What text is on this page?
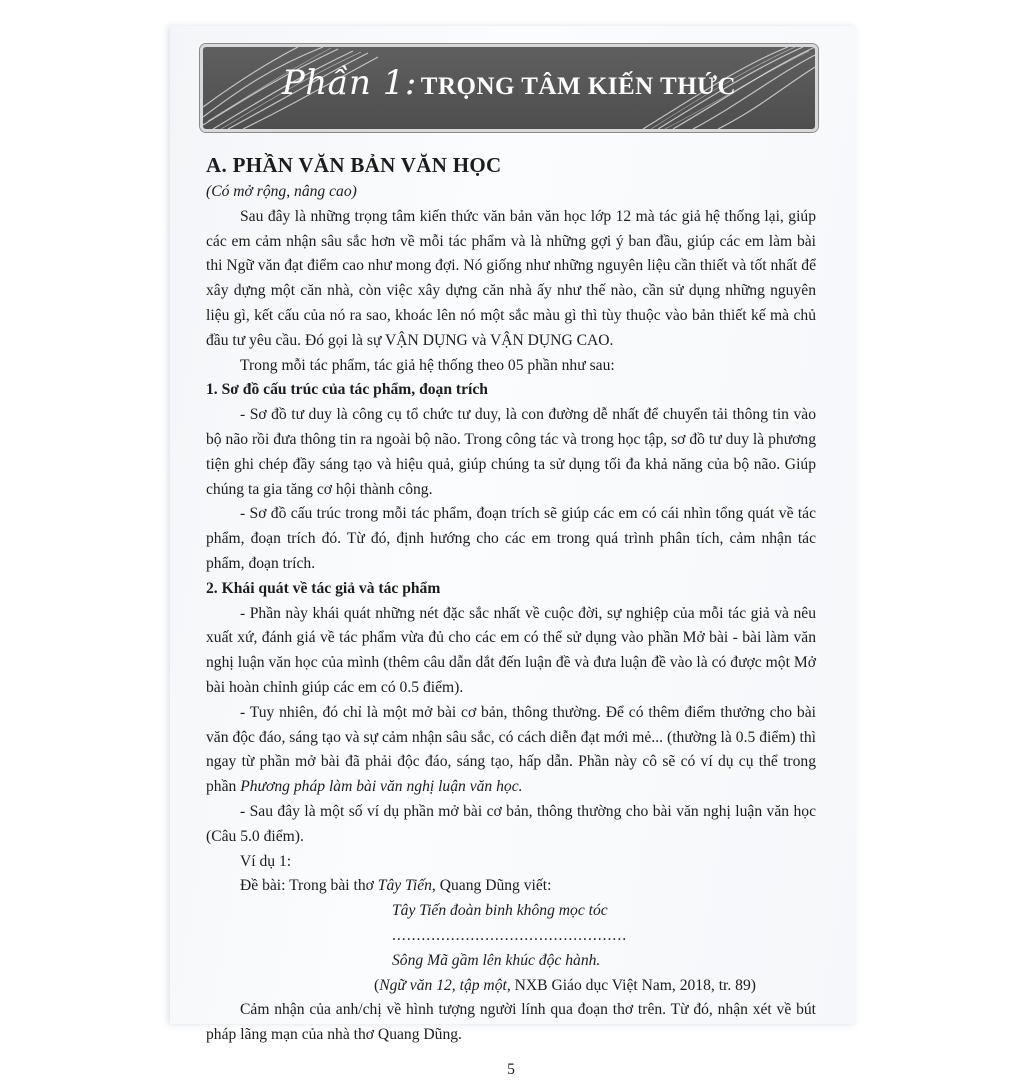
Phần 1: TRỌNG TÂM KIẾN THỨC

A. PHẦN VĂN BẢN VĂN HỌC

(Có mở rộng, nâng cao)

Sau đây là những trọng tâm kiến thức văn bản văn học lớp 12 mà tác giả hệ thống lại, giúp các em cảm nhận sâu sắc hơn về mỗi tác phẩm và là những gợi ý ban đầu, giúp các em làm bài thi Ngữ văn đạt điểm cao như mong đợi. Nó giống như những nguyên liệu cần thiết và tốt nhất để xây dựng một căn nhà, còn việc xây dựng căn nhà ấy như thế nào, cần sử dụng những nguyên liệu gì, kết cấu của nó ra sao, khoác lên nó một sắc màu gì thì tùy thuộc vào bản thiết kế mà chủ đầu tư yêu cầu. Đó gọi là sự VẬN DỤNG và VẬN DỤNG CAO.

Trong mỗi tác phẩm, tác giả hệ thống theo 05 phần như sau:

1. Sơ đồ cấu trúc của tác phẩm, đoạn trích

- Sơ đồ tư duy là công cụ tổ chức tư duy, là con đường dễ nhất để chuyển tải thông tin vào bộ não rồi đưa thông tin ra ngoài bộ não. Trong công tác và trong học tập, sơ đồ tư duy là phương tiện ghi chép đầy sáng tạo và hiệu quả, giúp chúng ta sử dụng tối đa khả năng của bộ não. Giúp chúng ta gia tăng cơ hội thành công.

- Sơ đồ cấu trúc trong mỗi tác phẩm, đoạn trích sẽ giúp các em có cái nhìn tổng quát về tác phẩm, đoạn trích đó. Từ đó, định hướng cho các em trong quá trình phân tích, cảm nhận tác phẩm, đoạn trích.

2. Khái quát về tác giả và tác phẩm

- Phần này khái quát những nét đặc sắc nhất về cuộc đời, sự nghiệp của mỗi tác giả và nêu xuất xứ, đánh giá về tác phẩm vừa đủ cho các em có thể sử dụng vào phần Mở bài - bài làm văn nghị luận văn học của mình (thêm câu dẫn dắt đến luận đề và đưa luận đề vào là có được một Mở bài hoàn chỉnh giúp các em có 0.5 điểm).

- Tuy nhiên, đó chỉ là một mở bài cơ bản, thông thường. Để có thêm điểm thưởng cho bài văn độc đáo, sáng tạo và sự cảm nhận sâu sắc, có cách diễn đạt mới mẻ... (thường là 0.5 điểm) thì ngay từ phần mở bài đã phải độc đáo, sáng tạo, hấp dẫn. Phần này cô sẽ có ví dụ cụ thể trong phần Phương pháp làm bài văn nghị luận văn học.

- Sau đây là một số ví dụ phần mở bài cơ bản, thông thường cho bài văn nghị luận văn học (Câu 5.0 điểm).

Ví dụ 1:

Đề bài: Trong bài thơ Tây Tiến, Quang Dũng viết:

Tây Tiến đoàn binh không mọc tóc

................................................

Sông Mã gầm lên khúc độc hành.

(Ngữ văn 12, tập một, NXB Giáo dục Việt Nam, 2018, tr. 89)

Cảm nhận của anh/chị về hình tượng người lính qua đoạn thơ trên. Từ đó, nhận xét về bút pháp lãng mạn của nhà thơ Quang Dũng.

5
